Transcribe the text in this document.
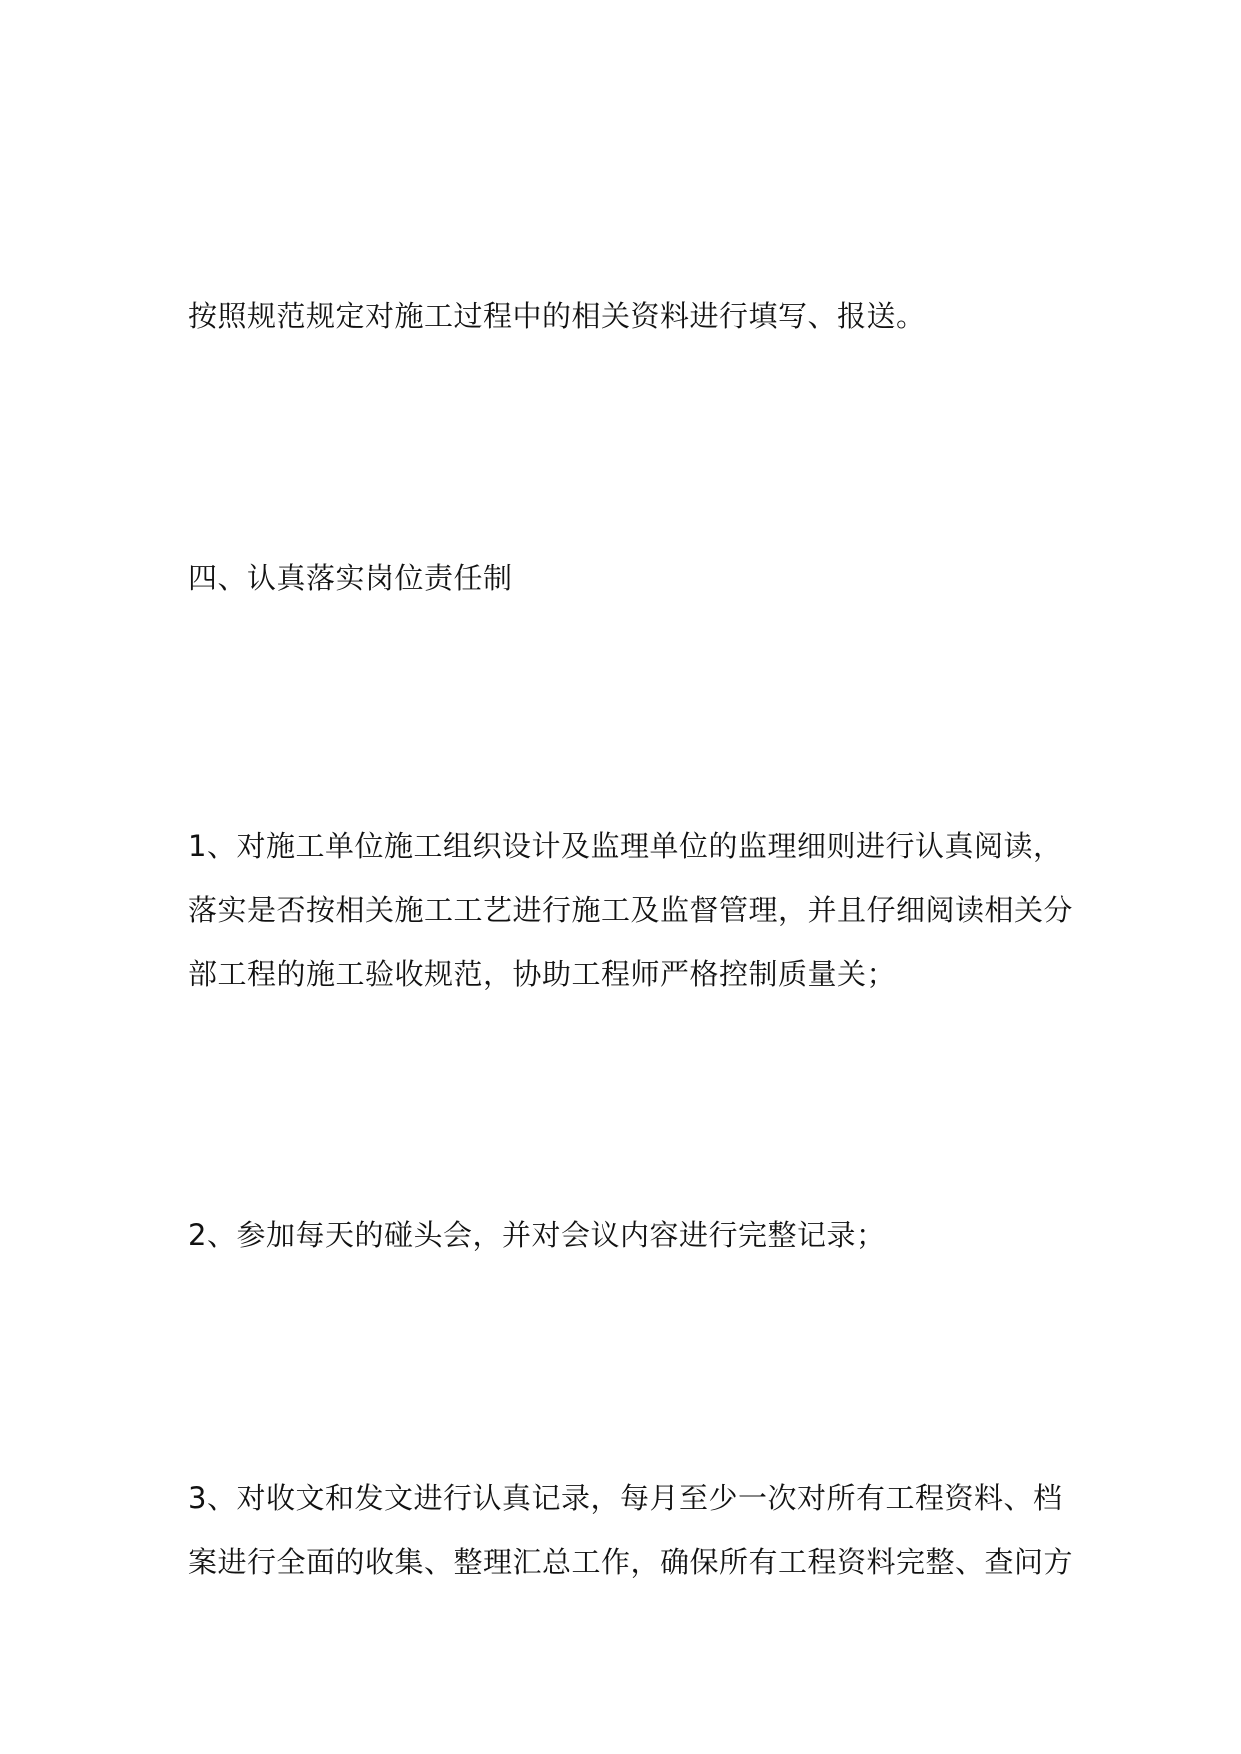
按照规范规定对施工过程中的相关资料进行填写、报送。

四、认真落实岗位责任制

1、对施工单位施工组织设计及监理单位的监理细则进行认真阅读，
落实是否按相关施工工艺进行施工及监督管理，并且仔细阅读相关分
部工程的施工验收规范，协助工程师严格控制质量关；

2、参加每天的碰头会，并对会议内容进行完整记录；

3、对收文和发文进行认真记录，每月至少一次对所有工程资料、档
案进行全面的收集、整理汇总工作，确保所有工程资料完整、查问方
